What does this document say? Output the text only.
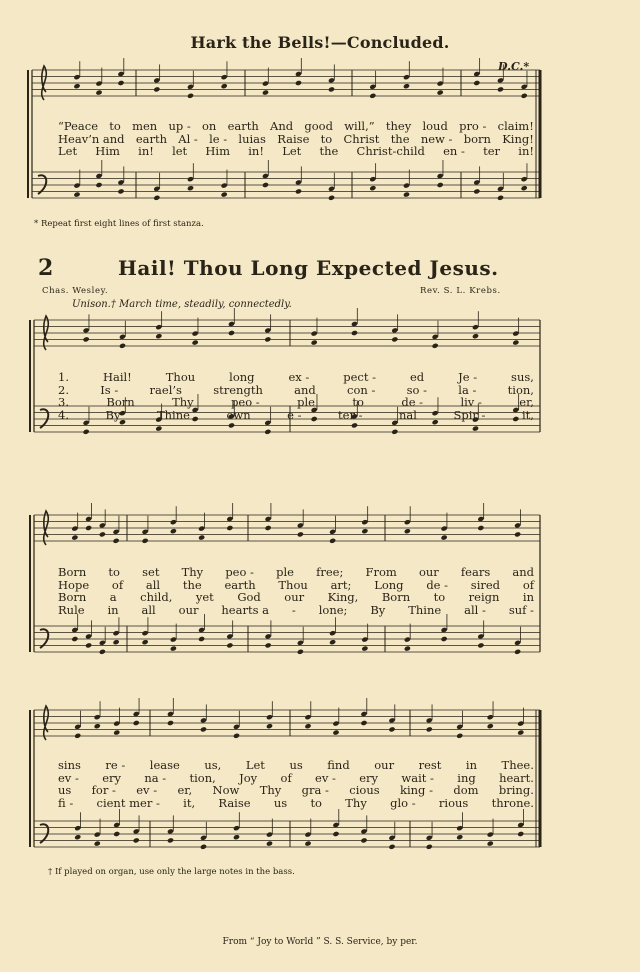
Hark the Bells!—Concluded.
D.C.*
“Peace to men up - on earth And good will,” they loud pro - claim!
Heav’n and earth Al - le - luias Raise to Christ the new - born King!
Let Him in! let Him in! Let the Christ-child en - ter in!
* Repeat first eight lines of first stanza.
2	Hail! Thou Long Expected Jesus.
Chas. Wesley.	Rev. S. L. Krebs.
Unison.† March time, steadily, connectedly.
1.	Hail!	Thou	long	ex -	pect -	ed	Je -	sus,
2.	Is -	rael’s	strength	and	con -	so -	la -	tion,
3.	Born	Thy	peo -	ple	to	de -	liv -	er,
4.	By	Thine	own	e -	ter -	nal	Spir -	it,
Born to set Thy peo - ple free; From our fears and
Hope of all the earth Thou art; Long de - sired of
Born a child, yet God our King, Born to reign in
Rule in all our hearts a - lone; By Thine all - suf -
sins re - lease us, Let us find our rest in Thee.
ev - ery na - tion, Joy of ev - ery wait - ing heart.
us for - ev - er, Now Thy gra - cious king - dom bring.
fi - cient mer - it, Raise us to Thy glo - rious throne.
† If played on organ, use only the large notes in the bass.
From “ Joy to World ” S. S. Service, by per.
